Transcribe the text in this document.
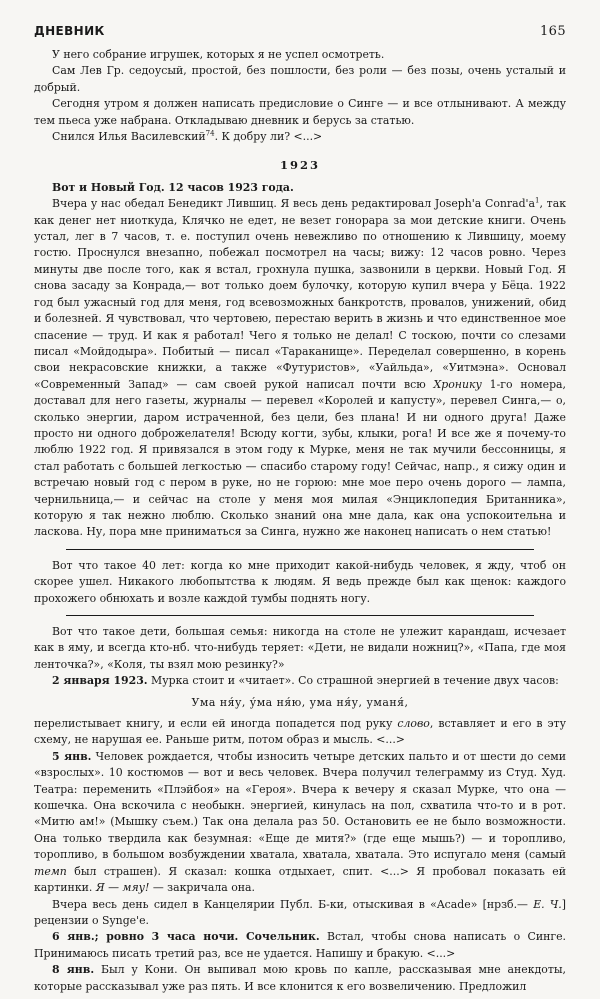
ДНЕВНИК	165

У него собрание игрушек, которых я не успел осмотреть.

Сам Лев Гр. седоусый, простой, без пошлости, без роли — без позы, очень усталый и добрый.

Сегодня утром я должен написать предисловие о Синге — и все отлынивают. А между тем пьеса уже набрана. Откладываю дневник и берусь за статью.

Снился Илья Василевский$^{74}$. К добру ли? <...>

1923

Вот и Новый Год. 12 часов 1923 года.

Вчера у нас обедал Бенедикт Лившиц. Я весь день редактировал Joseph'a $Conrad'a^1$, так как денег нет ниоткуда, Клячко не едет, не везет гонорара за мои детские книги. Очень устал, лег в 7 часов, т. е. поступил очень невежливо по отношению к Лившицу, моему гостю. Проснулся внезапно, побежал посмотрел на часы; вижу: 12 часов ровно. Через минуты две после того, как я встал, грохнула пушка, зазвонили в церкви. Новый Год. Я снова засаду за Конрада,— вот только доем булочку, которую купил вчера у Бёца. 1922 год был ужасный год для меня, год всевозможных банкротств, провалов, унижений, обид и болезней. Я чувствовал, что чертовею, перестаю верить в жизнь и что единственное мое спасение — труд. И как я работал! Чего я только не делал! С тоскою, почти со слезами писал «Мойдодыра». Побитый — писал «Тараканище». Переделал совершенно, в корень свои некрасовские книжки, а также «Футуристов», «Уайльда», «Уитмэна». Основал «Современный Запад» — сам своей рукой написал почти всю Хронику 1-го номера, доставал для него газеты, журналы — перевел «Королей и капусту», перевел Синга,— о, сколько энергии, даром истраченной, без цели, без плана! И ни одного друга! Даже просто ни одного доброжелателя! Всюду когти, зубы, клыки, рога! И все же я почему-то люблю 1922 год. Я привязался в этом году к Мурке, меня не так мучили бессонницы, я стал работать с большей легкостью — спасибо старому году! Сейчас, напр., я сижу один и встречаю новый год с пером в руке, но не горюю: мне мое перо очень дорого — лампа, чернильница,— и сейчас на столе у меня моя милая «Энциклопедия Британника», которую я так нежно люблю. Сколько знаний она мне дала, как она успокоительна и ласкова. Ну, пора мне приниматься за Синга, нужно же наконец написать о нем статью!

Вот что такое 40 лет: когда ко мне приходит какой-нибудь человек, я жду, чтоб он скорее ушел. Никакого любопытства к людям. Я ведь прежде был как щенок: каждого прохожего обнюхать и возле каждой тумбы поднять ногу.

Вот что такое дети, большая семья: никогда на столе не улежит карандаш, исчезает как в яму, и всегда кто-нб. что-нибудь теряет: «Дети, не видали ножниц?», «Папа, где моя ленточка?», «Коля, ты взял мою резинку?»

2 января 1923. Мурка стоит и «читает». Со страшной энергией в течение двух часов:

Ума ня́у, у́ма ня́ю, ума ня́у, уманя́,

перелистывает книгу, и если ей иногда попадется под руку слово, вставляет и его в эту схему, не нарушая ее. Раньше ритм, потом образ и мысль. <...>

5 янв. Человек рождается, чтобы износить четыре детских пальто и от шести до семи «взрослых». 10 костюмов — вот и весь человек. Вчера получил телеграмму из Студ. Худ. Театра: переменить «Плэйбоя» на «Героя». Вчера к вечеру я сказал Мурке, что она — кошечка. Она вскочила с необыкн. энергией, кинулась на пол, схватила что-то и в рот. «Митю ам!» (Мышку съем.) Так она делала раз 50. Остановить ее не было возможности. Она только твердила как безумная: «Еще де митя?» (где еще мышь?) — и торопливо, торопливо, в большом возбуждении хватала, хватала, хватала. Это испугало меня (самый темп был страшен). Я сказал: кошка отдыхает, спит. <...> Я пробовал показать ей картинки. Я — мяу! — закричала она.

Вчера весь день сидел в Канцелярии Публ. Б-ки, отыскивая в «Acade» [нрзб.— Е. Ч.] рецензии о Synge'e.

6 янв.; ровно 3 часа ночи. Сочельник. Встал, чтобы снова написать о Синге. Принимаюсь писать третий раз, все не удается. Напишу и бракую. <...>

8 янв. Был у Кони. Он выпивал мою кровь по капле, рассказывая мне анекдоты, которые рассказывал уже раз пять. И все клонится к его возвеличению. Предложил
